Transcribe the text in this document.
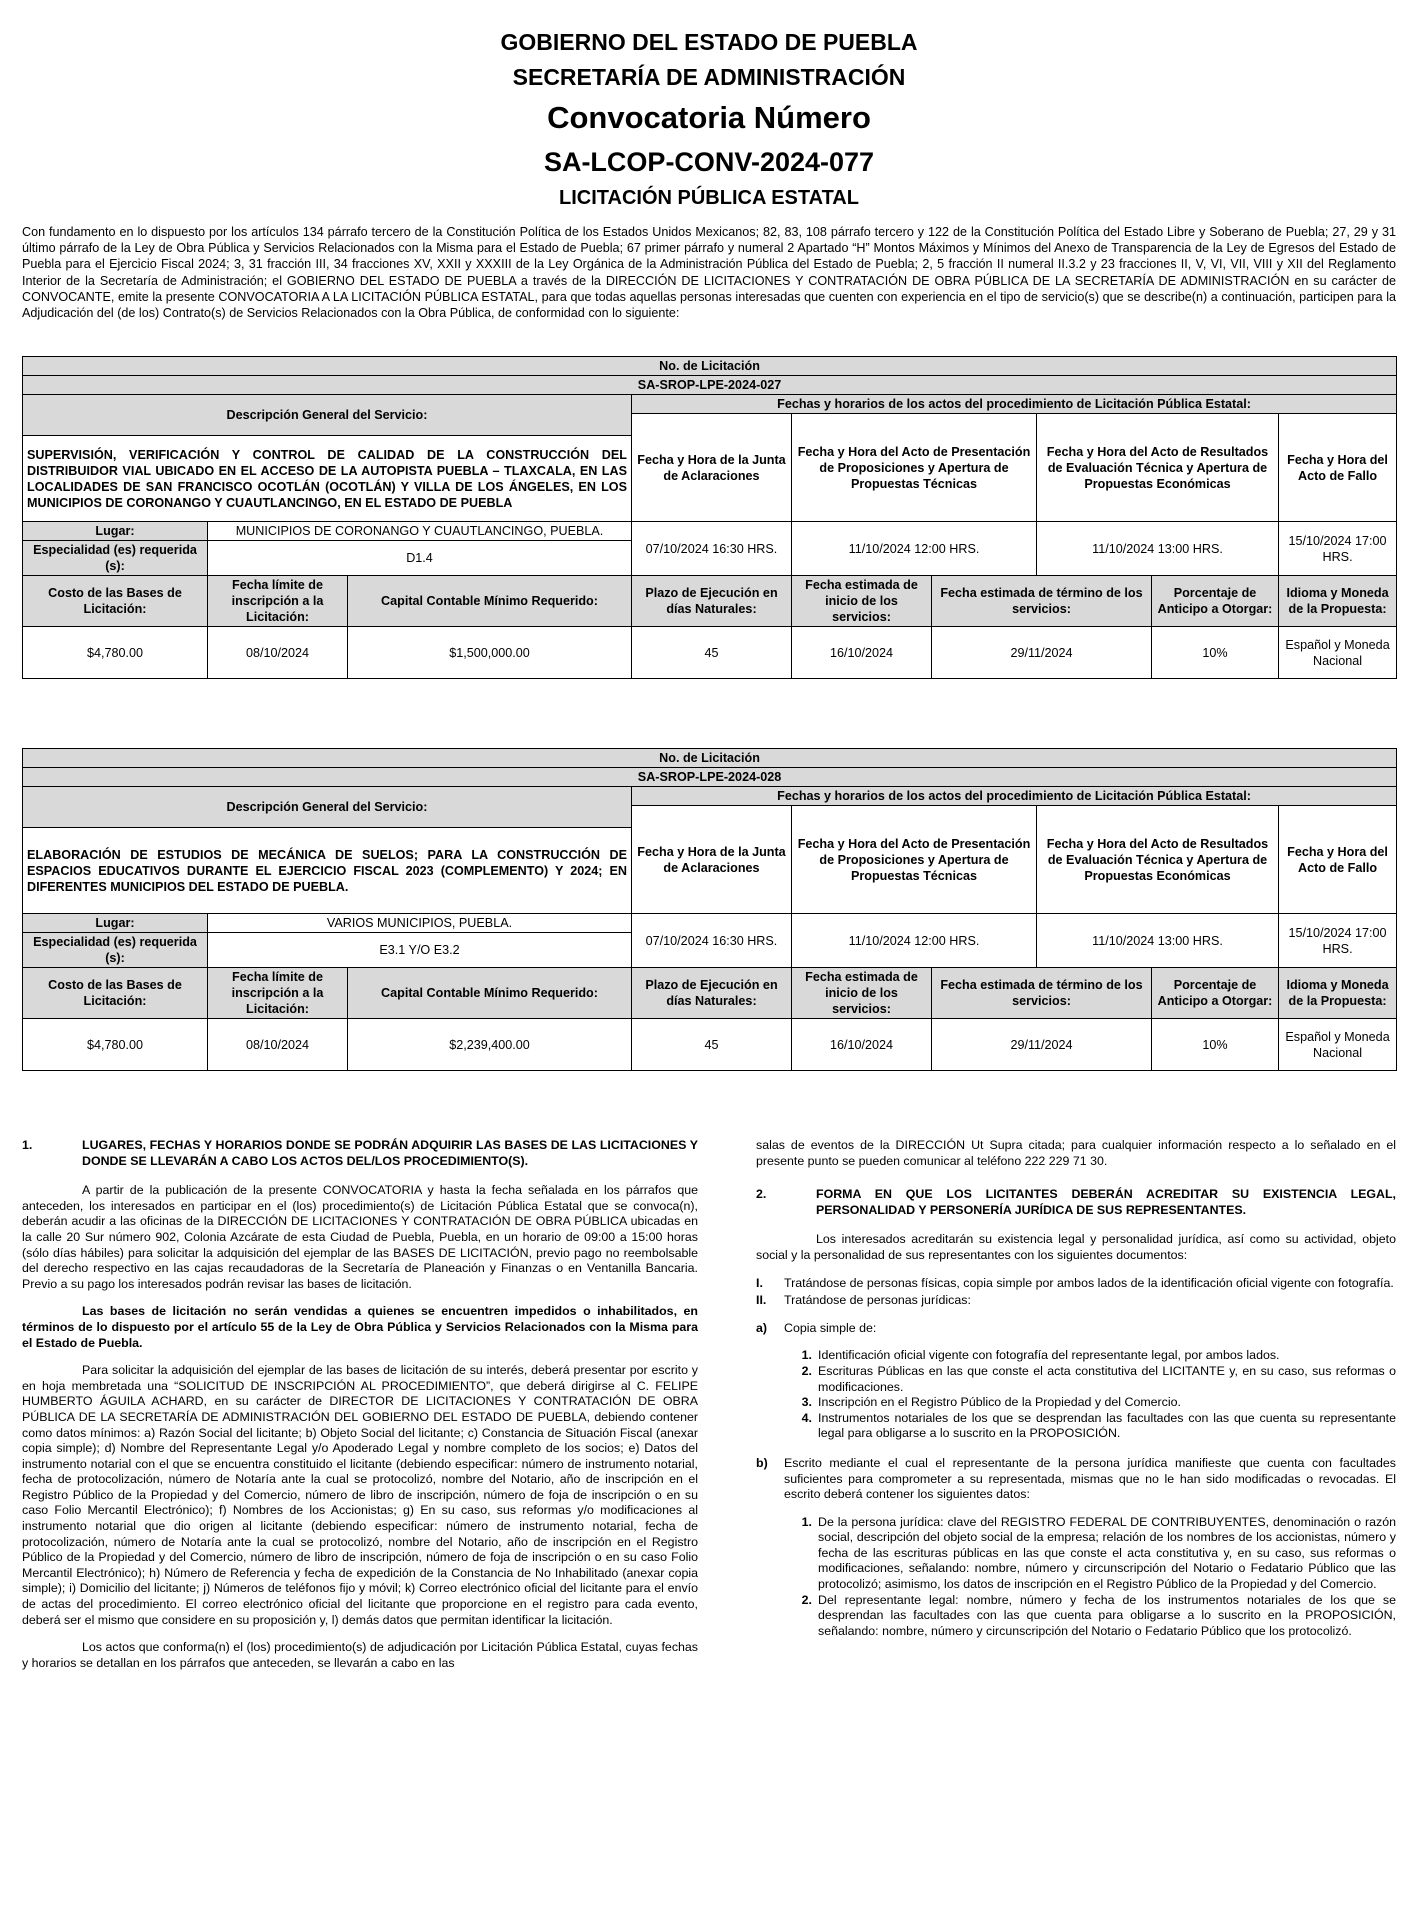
GOBIERNO DEL ESTADO DE PUEBLA
SECRETARÍA DE ADMINISTRACIÓN
Convocatoria Número
SA-LCOP-CONV-2024-077
LICITACIÓN PÚBLICA ESTATAL
Con fundamento en lo dispuesto por los artículos 134 párrafo tercero de la Constitución Política de los Estados Unidos Mexicanos; 82, 83, 108 párrafo tercero y 122 de la Constitución Política del Estado Libre y Soberano de Puebla; 27, 29 y 31 último párrafo de la Ley de Obra Pública y Servicios Relacionados con la Misma para el Estado de Puebla; 67 primer párrafo y numeral 2 Apartado “H” Montos Máximos y Mínimos del Anexo de Transparencia de la Ley de Egresos del Estado de Puebla para el Ejercicio Fiscal 2024; 3, 31 fracción III, 34 fracciones XV, XXII y XXXIII de la Ley Orgánica de la Administración Pública del Estado de Puebla; 2, 5 fracción II numeral II.3.2 y 23 fracciones II, V, VI, VII, VIII y XII del Reglamento Interior de la Secretaría de Administración; el GOBIERNO DEL ESTADO DE PUEBLA a través de la DIRECCIÓN DE LICITACIONES Y CONTRATACIÓN DE OBRA PÚBLICA DE LA SECRETARÍA DE ADMINISTRACIÓN en su carácter de CONVOCANTE, emite la presente CONVOCATORIA A LA LICITACIÓN PÚBLICA ESTATAL, para que todas aquellas personas interesadas que cuenten con experiencia en el tipo de servicio(s) que se describe(n) a continuación, participen para la Adjudicación del (de los) Contrato(s) de Servicios Relacionados con la Obra Pública, de conformidad con lo siguiente:
No. de Licitación								
SA-SROP-LPE-2024-027								
Descripción General del Servicio:			Fechas y horarios de los actos del procedimiento de Licitación Pública Estatal:					
			Fecha y Hora de la Junta de Aclaraciones	Fecha y Hora del Acto de Presentación de Proposiciones y Apertura de Propuestas Técnicas		Fecha y Hora del Acto de Resultados de Evaluación Técnica y Apertura de Propuestas Económicas		Fecha y Hora del Acto de Fallo
SUPERVISIÓN, VERIFICACIÓN Y CONTROL DE CALIDAD DE LA CONSTRUCCIÓN DEL DISTRIBUIDOR VIAL UBICADO EN EL ACCESO DE LA AUTOPISTA PUEBLA – TLAXCALA, EN LAS LOCALIDADES DE SAN FRANCISCO OCOTLÁN (OCOTLÁN) Y VILLA DE LOS ÁNGELES, EN LOS MUNICIPIOS DE CORONANGO Y CUAUTLANCINGO, EN EL ESTADO DE PUEBLA								
Lugar:	MUNICIPIOS DE CORONANGO Y CUAUTLANCINGO, PUEBLA.		07/10/2024 16:30 HRS.	11/10/2024 12:00 HRS.		11/10/2024 13:00 HRS.		15/10/2024 17:00 HRS.
Especialidad (es) requerida (s):	D1.4							
Costo de las Bases de Licitación:	Fecha límite de inscripción a la Licitación:	Capital Contable Mínimo Requerido:	Plazo de Ejecución en días Naturales:	Fecha estimada de inicio de los servicios:	Fecha estimada de término de los servicios:		Porcentaje de Anticipo a Otorgar:	Idioma y Moneda de la Propuesta:
$4,780.00	08/10/2024	$1,500,000.00	45	16/10/2024	29/11/2024		10%	Español y Moneda Nacional
No. de Licitación								
SA-SROP-LPE-2024-028								
Descripción General del Servicio:			Fechas y horarios de los actos del procedimiento de Licitación Pública Estatal:					
			Fecha y Hora de la Junta de Aclaraciones	Fecha y Hora del Acto de Presentación de Proposiciones y Apertura de Propuestas Técnicas		Fecha y Hora del Acto de Resultados de Evaluación Técnica y Apertura de Propuestas Económicas		Fecha y Hora del Acto de Fallo
ELABORACIÓN DE ESTUDIOS DE MECÁNICA DE SUELOS; PARA LA CONSTRUCCIÓN DE ESPACIOS EDUCATIVOS DURANTE EL EJERCICIO FISCAL 2023 (COMPLEMENTO) Y 2024; EN DIFERENTES MUNICIPIOS DEL ESTADO DE PUEBLA.								
Lugar:	VARIOS MUNICIPIOS, PUEBLA.		07/10/2024 16:30 HRS.	11/10/2024 12:00 HRS.		11/10/2024 13:00 HRS.		15/10/2024 17:00 HRS.
Especialidad (es) requerida (s):	E3.1 Y/O E3.2							
Costo de las Bases de Licitación:	Fecha límite de inscripción a la Licitación:	Capital Contable Mínimo Requerido:	Plazo de Ejecución en días Naturales:	Fecha estimada de inicio de los servicios:	Fecha estimada de término de los servicios:		Porcentaje de Anticipo a Otorgar:	Idioma y Moneda de la Propuesta:
$4,780.00	08/10/2024	$2,239,400.00	45	16/10/2024	29/11/2024		10%	Español y Moneda Nacional
1.	LUGARES, FECHAS Y HORARIOS DONDE SE PODRÁN ADQUIRIR LAS BASES DE LAS LICITACIONES Y DONDE SE LLEVARÁN A CABO LOS ACTOS DEL/LOS PROCEDIMIENTO(S).

A partir de la publicación de la presente CONVOCATORIA y hasta la fecha señalada en los párrafos que anteceden, los interesados en participar en el (los) procedimiento(s) de Licitación Pública Estatal que se convoca(n), deberán acudir a las oficinas de la DIRECCIÓN DE LICITACIONES Y CONTRATACIÓN DE OBRA PÚBLICA ubicadas en la calle 20 Sur número 902, Colonia Azcárate de esta Ciudad de Puebla, Puebla, en un horario de 09:00 a 15:00 horas (sólo días hábiles) para solicitar la adquisición del ejemplar de las BASES DE LICITACIÓN, previo pago no reembolsable del derecho respectivo en las cajas recaudadoras de la Secretaría de Planeación y Finanzas o en Ventanilla Bancaria. Previo a su pago los interesados podrán revisar las bases de licitación.

Las bases de licitación no serán vendidas a quienes se encuentren impedidos o inhabilitados, en términos de lo dispuesto por el artículo 55 de la Ley de Obra Pública y Servicios Relacionados con la Misma para el Estado de Puebla.

Para solicitar la adquisición del ejemplar de las bases de licitación de su interés, deberá presentar por escrito y en hoja membretada una “SOLICITUD DE INSCRIPCIÓN AL PROCEDIMIENTO”, que deberá dirigirse al C. FELIPE HUMBERTO ÁGUILA ACHARD, en su carácter de DIRECTOR DE LICITACIONES Y CONTRATACIÓN DE OBRA PÚBLICA DE LA SECRETARÍA DE ADMINISTRACIÓN DEL GOBIERNO DEL ESTADO DE PUEBLA, debiendo contener como datos mínimos: a) Razón Social del licitante; b) Objeto Social del licitante; c) Constancia de Situación Fiscal (anexar copia simple); d) Nombre del Representante Legal y/o Apoderado Legal y nombre completo de los socios; e) Datos del instrumento notarial con el que se encuentra constituido el licitante (debiendo especificar: número de instrumento notarial, fecha de protocolización, número de Notaría ante la cual se protocolizó, nombre del Notario, año de inscripción en el Registro Público de la Propiedad y del Comercio, número de libro de inscripción, número de foja de inscripción o en su caso Folio Mercantil Electrónico); f) Nombres de los Accionistas; g) En su caso, sus reformas y/o modificaciones al instrumento notarial que dio origen al licitante (debiendo especificar: número de instrumento notarial, fecha de protocolización, número de Notaría ante la cual se protocolizó, nombre del Notario, año de inscripción en el Registro Público de la Propiedad y del Comercio, número de libro de inscripción, número de foja de inscripción o en su caso Folio Mercantil Electrónico); h) Número de Referencia y fecha de expedición de la Constancia de No Inhabilitado (anexar copia simple); i) Domicilio del licitante; j) Números de teléfonos fijo y móvil; k) Correo electrónico oficial del licitante para el envío de actas del procedimiento. El correo electrónico oficial del licitante que proporcione en el registro para cada evento, deberá ser el mismo que considere en su proposición y, l) demás datos que permitan identificar la licitación.

Los actos que conforma(n) el (los) procedimiento(s) de adjudicación por Licitación Pública Estatal, cuyas fechas y horarios se detallan en los párrafos que anteceden, se llevarán a cabo en las

salas de eventos de la DIRECCIÓN Ut Supra citada; para cualquier información respecto a lo señalado en el presente punto se pueden comunicar al teléfono 222 229 71 30.

2.	FORMA EN QUE LOS LICITANTES DEBERÁN ACREDITAR SU EXISTENCIA LEGAL, PERSONALIDAD Y PERSONERÍA JURÍDICA DE SUS REPRESENTANTES.

Los interesados acreditarán su existencia legal y personalidad jurídica, así como su actividad, objeto social y la personalidad de sus representantes con los siguientes documentos:

I.	Tratándose de personas físicas, copia simple por ambos lados de la identificación oficial vigente con fotografía.
II.	Tratándose de personas jurídicas:
a)	Copia simple de:
1. Identificación oficial vigente con fotografía del representante legal, por ambos lados.
2. Escrituras Públicas en las que conste el acta constitutiva del LICITANTE y, en su caso, sus reformas o modificaciones.
3. Inscripción en el Registro Público de la Propiedad y del Comercio.
4. Instrumentos notariales de los que se desprendan las facultades con las que cuenta su representante legal para obligarse a lo suscrito en la PROPOSICIÓN.
b)	Escrito mediante el cual el representante de la persona jurídica manifieste que cuenta con facultades suficientes para comprometer a su representada, mismas que no le han sido modificadas o revocadas. El escrito deberá contener los siguientes datos:
1. De la persona jurídica: clave del REGISTRO FEDERAL DE CONTRIBUYENTES, denominación o razón social, descripción del objeto social de la empresa; relación de los nombres de los accionistas, número y fecha de las escrituras públicas en las que conste el acta constitutiva y, en su caso, sus reformas o modificaciones, señalando: nombre, número y circunscripción del Notario o Fedatario Público que las protocolizó; asimismo, los datos de inscripción en el Registro Público de la Propiedad y del Comercio.
2. Del representante legal: nombre, número y fecha de los instrumentos notariales de los que se desprendan las facultades con las que cuenta para obligarse a lo suscrito en la PROPOSICIÓN, señalando: nombre, número y circunscripción del Notario o Fedatario Público que los protocolizó.
